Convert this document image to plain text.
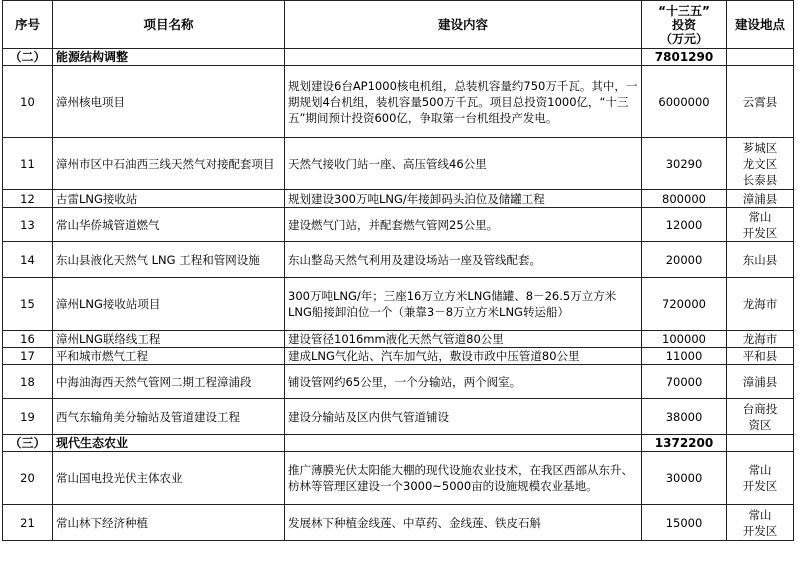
序号	项目名称	建设内容	“十三五”
投资
（万元）	建设地点
（二）	能源结构调整		7801290	
10	漳州核电项目	规划建设6台AP1000核电机组，总装机容量约750万千瓦。其中，一期规划4台机组，装机容量500万千瓦。项目总投资1000亿，“十三五”期间预计投资600亿，争取第一台机组投产发电。	6000000	云霄县
11	漳州市区中石油西三线天然气对接配套项目	天然气接收门站一座、高压管线46公里	30290	芗城区
龙文区
长泰县
12	古雷LNG接收站	规划建设300万吨LNG/年接卸码头泊位及储罐工程	800000	漳浦县
13	常山华侨城管道燃气	建设燃气门站，并配套燃气管网25公里。	12000	常山
开发区
14	东山县液化天然气 LNG 工程和管网设施	东山整岛天然气利用及建设场站一座及管线配套。	20000	东山县
15	漳州LNG接收站项目	300万吨LNG/年；三座16万立方米LNG储罐、8－26.5万立方米LNG船接卸泊位一个（兼靠3－8万立方米LNG转运船）	720000	龙海市
16	漳州LNG联络线工程	建设管径1016mm液化天然气管道80公里	100000	龙海市
17	平和城市燃气工程	建成LNG气化站、汽车加气站，敷设市政中压管道80公里	11000	平和县
18	中海油海西天然气管网二期工程漳浦段	铺设管网约65公里，一个分输站，两个阀室。	70000	漳浦县
19	西气东输角美分输站及管道建设工程	建设分输站及区内供气管道铺设	38000	台商投
资区
（三）	现代生态农业		1372200	
20	常山国电投光伏主体农业	推广薄膜光伏太阳能大棚的现代设施农业技术，在我区西部从东升、枋林等管理区建设一个3000~5000亩的设施规模农业基地。	30000	常山
开发区
21	常山林下经济种植	发展林下种植金线莲、中草药、金线莲、铁皮石斛	15000	常山
开发区
